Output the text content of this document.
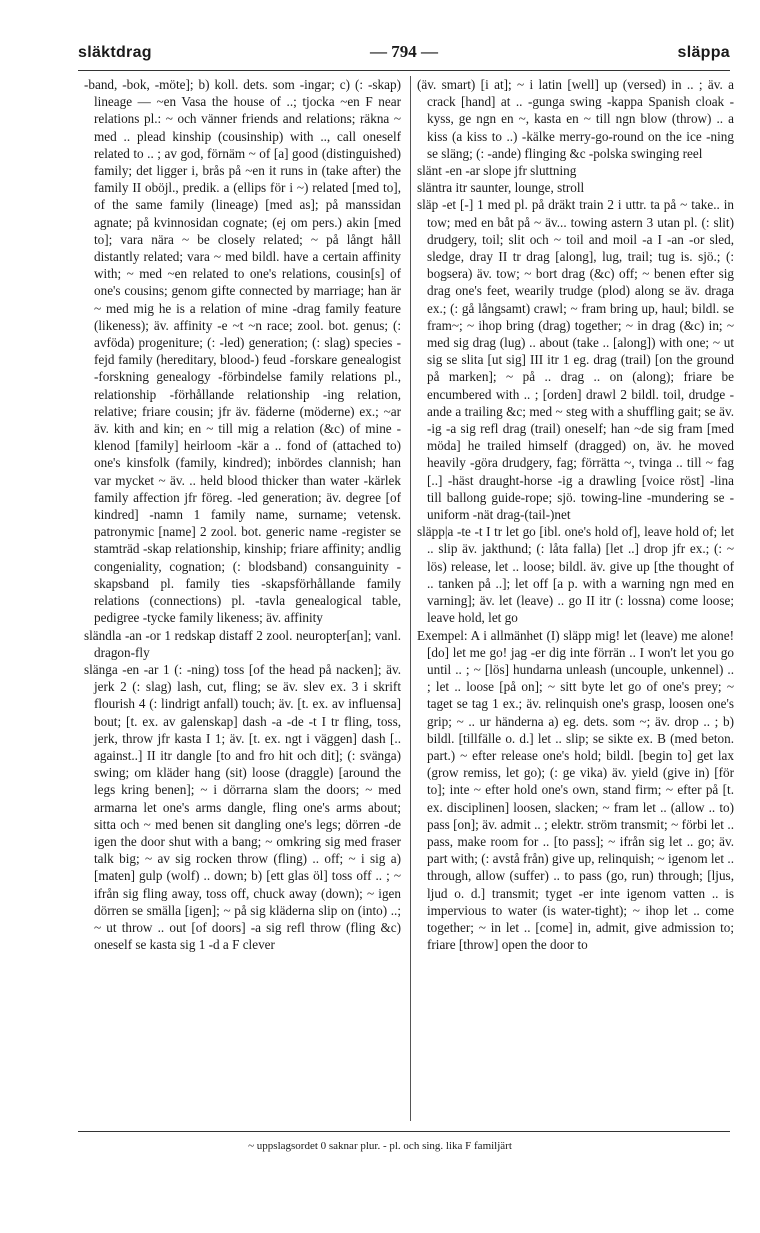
släktdrag	— 794 —	släppa

-band, -bok, -möte]; b) koll. dets. som -ingar; c) (: -skap) lineage — ~en Vasa the house of ..; tjocka ~en F near relations pl.: ~ och vänner friends and relations; räkna ~ med .. plead kinship (cousinship) with .., call oneself related to .. ; av god, förnäm ~ of [a] good (distinguished) family; det ligger i, brås på ~en it runs in (take after) the family II oböjl., predik. a (ellips för i ~) related [med to], of the same family (lineage) [med as]; på manssidan agnate; på kvinnosidan cognate; (ej om pers.) akin [med to]; vara nära ~ be closely related; ~ på långt håll distantly related; vara ~ med bildl. have a certain affinity with; ~ med ~en related to one's relations, cousin[s] of one's cousins; genom gifte connected by marriage; han är ~ med mig he is a relation of mine -drag family feature (likeness); äv. affinity -e ~t ~n race; zool. bot. genus; (: avföda) progeniture; (: -led) generation; (: slag) species -fejd family (hereditary, blood-) feud -forskare genealogist -forskning genealogy -förbindelse family relations pl., relationship -förhållande relationship -ing relation, relative; friare cousin; jfr äv. fäderne (möderne) ex.; ~ar äv. kith and kin; en ~ till mig a relation (&c) of mine -klenod [family] heirloom -kär a .. fond of (attached to) one's kinsfolk (family, kindred); inbördes clannish; han var mycket ~ äv. .. held blood thicker than water -kärlek family affection jfr föreg. -led generation; äv. degree [of kindred] -namn 1 family name, surname; vetensk. patronymic [name] 2 zool. bot. generic name -register se stamträd -skap relationship, kinship; friare affinity; andlig congeniality, cognation; (: blodsband) consanguinity -skapsband pl. family ties -skapsförhållande family relations (connections) pl. -tavla genealogical table, pedigree -tycke family likeness; äv. affinity

sländla -an -or 1 redskap distaff 2 zool. neuropter[an]; vanl. dragon-fly

slänga -en -ar 1 (: -ning) toss [of the head på nacken]; äv. jerk 2 (: slag) lash, cut, fling; se äv. slev ex. 3 i skrift flourish 4 (: lindrigt anfall) touch; äv. [t. ex. av influensa] bout; [t. ex. av galenskap] dash -a -de -t I tr fling, toss, jerk, throw jfr kasta I 1; äv. [t. ex. ngt i väggen] dash [.. against..] II itr dangle [to and fro hit och dit]; (: svänga) swing; om kläder hang (sit) loose (draggle) [around the legs kring benen]; ~ i dörrarna slam the doors; ~ med armarna let one's arms dangle, fling one's arms about; sitta och ~ med benen sit dangling one's legs; dörren -de igen the door shut with a bang; ~ omkring sig med fraser talk big; ~ av sig rocken throw (fling) .. off; ~ i sig a) [maten] gulp (wolf) .. down; b) [ett glas öl] toss off .. ; ~ ifrån sig fling away, toss off, chuck away (down); ~ igen dörren se smälla [igen]; ~ på sig kläderna slip on (into) ..; ~ ut throw .. out [of doors] -a sig refl throw (fling &c) oneself se kasta sig 1 -d a F clever

(äv. smart) [i at]; ~ i latin [well] up (versed) in .. ; äv. a crack [hand] at .. -gunga swing -kappa Spanish cloak -kyss, ge ngn en ~, kasta en ~ till ngn blow (throw) .. a kiss (a kiss to ..) -kälke merry-go-round on the ice -ning se släng; (: -ande) flinging &c -polska swinging reel

slänt -en -ar slope jfr sluttning

släntra itr saunter, lounge, stroll

släp -et [-] 1 med pl. på dräkt train 2 i uttr. ta på ~ take.. in tow; med en båt på ~ äv... towing astern 3 utan pl. (: slit) drudgery, toil; slit och ~ toil and moil -a I -an -or sled, sledge, dray II tr drag [along], lug, trail; tug is. sjö.; (: bogsera) äv. tow; ~ bort drag (&c) off; ~ benen efter sig drag one's feet, wearily trudge (plod) along se äv. draga ex.; (: gå långsamt) crawl; ~ fram bring up, haul; bildl. se fram~; ~ ihop bring (drag) together; ~ in drag (&c) in; ~ med sig drag (lug) .. about (take .. [along]) with one; ~ ut sig se slita [ut sig] III itr 1 eg. drag (trail) [on the ground på marken]; ~ på .. drag .. on (along); friare be encumbered with .. ; [orden] drawl 2 bildl. toil, drudge -ande a trailing &c; med ~ steg with a shuffling gait; se äv. -ig -a sig refl drag (trail) oneself; han ~de sig fram [med möda] he trailed himself (dragged) on, äv. he moved heavily -göra drudgery, fag; förrätta ~, tvinga .. till ~ fag [..] -häst draught-horse -ig a drawling [voice röst] -lina till ballong guide-rope; sjö. towing-line -mundering se -uniform -nät drag-(tail-)net

släpp|a -te -t I tr let go [ibl. one's hold of], leave hold of; let .. slip äv. jakthund; (: låta falla) [let ..] drop jfr ex.; (: ~ lös) release, let .. loose; bildl. äv. give up [the thought of .. tanken på ..]; let off [a p. with a warning ngn med en varning]; äv. let (leave) .. go II itr (: lossna) come loose; leave hold, let go

Exempel: A i allmänhet (I) släpp mig! let (leave) me alone! [do] let me go! jag -er dig inte förrän .. I won't let you go until .. ; ~ [lös] hundarna unleash (uncouple, unkennel) .. ; let .. loose [på on]; ~ sitt byte let go of one's prey; ~ taget se tag 1 ex.; äv. relinquish one's grasp, loosen one's grip; ~ .. ur händerna a) eg. dets. som ~; äv. drop .. ; b) bildl. [tillfälle o. d.] let .. slip; se sikte ex. B (med beton. part.) ~ efter release one's hold; bildl. [begin to] get lax (grow remiss, let go); (: ge vika) äv. yield (give in) [för to]; inte ~ efter hold one's own, stand firm; ~ efter på [t. ex. disciplinen] loosen, slacken; ~ fram let .. (allow .. to) pass [on]; äv. admit .. ; elektr. ström transmit; ~ förbi let .. pass, make room for .. [to pass]; ~ ifrån sig let .. go; äv. part with; (: avstå från) give up, relinquish; ~ igenom let .. through, allow (suffer) .. to pass (go, run) through; [ljus, ljud o. d.] transmit; tyget -er inte igenom vatten .. is impervious to water (is water-tight); ~ ihop let .. come together; ~ in let .. [come] in, admit, give admission to; friare [throw] open the door to

~ uppslagsordet 0 saknar plur. - pl. och sing. lika F familjärt
